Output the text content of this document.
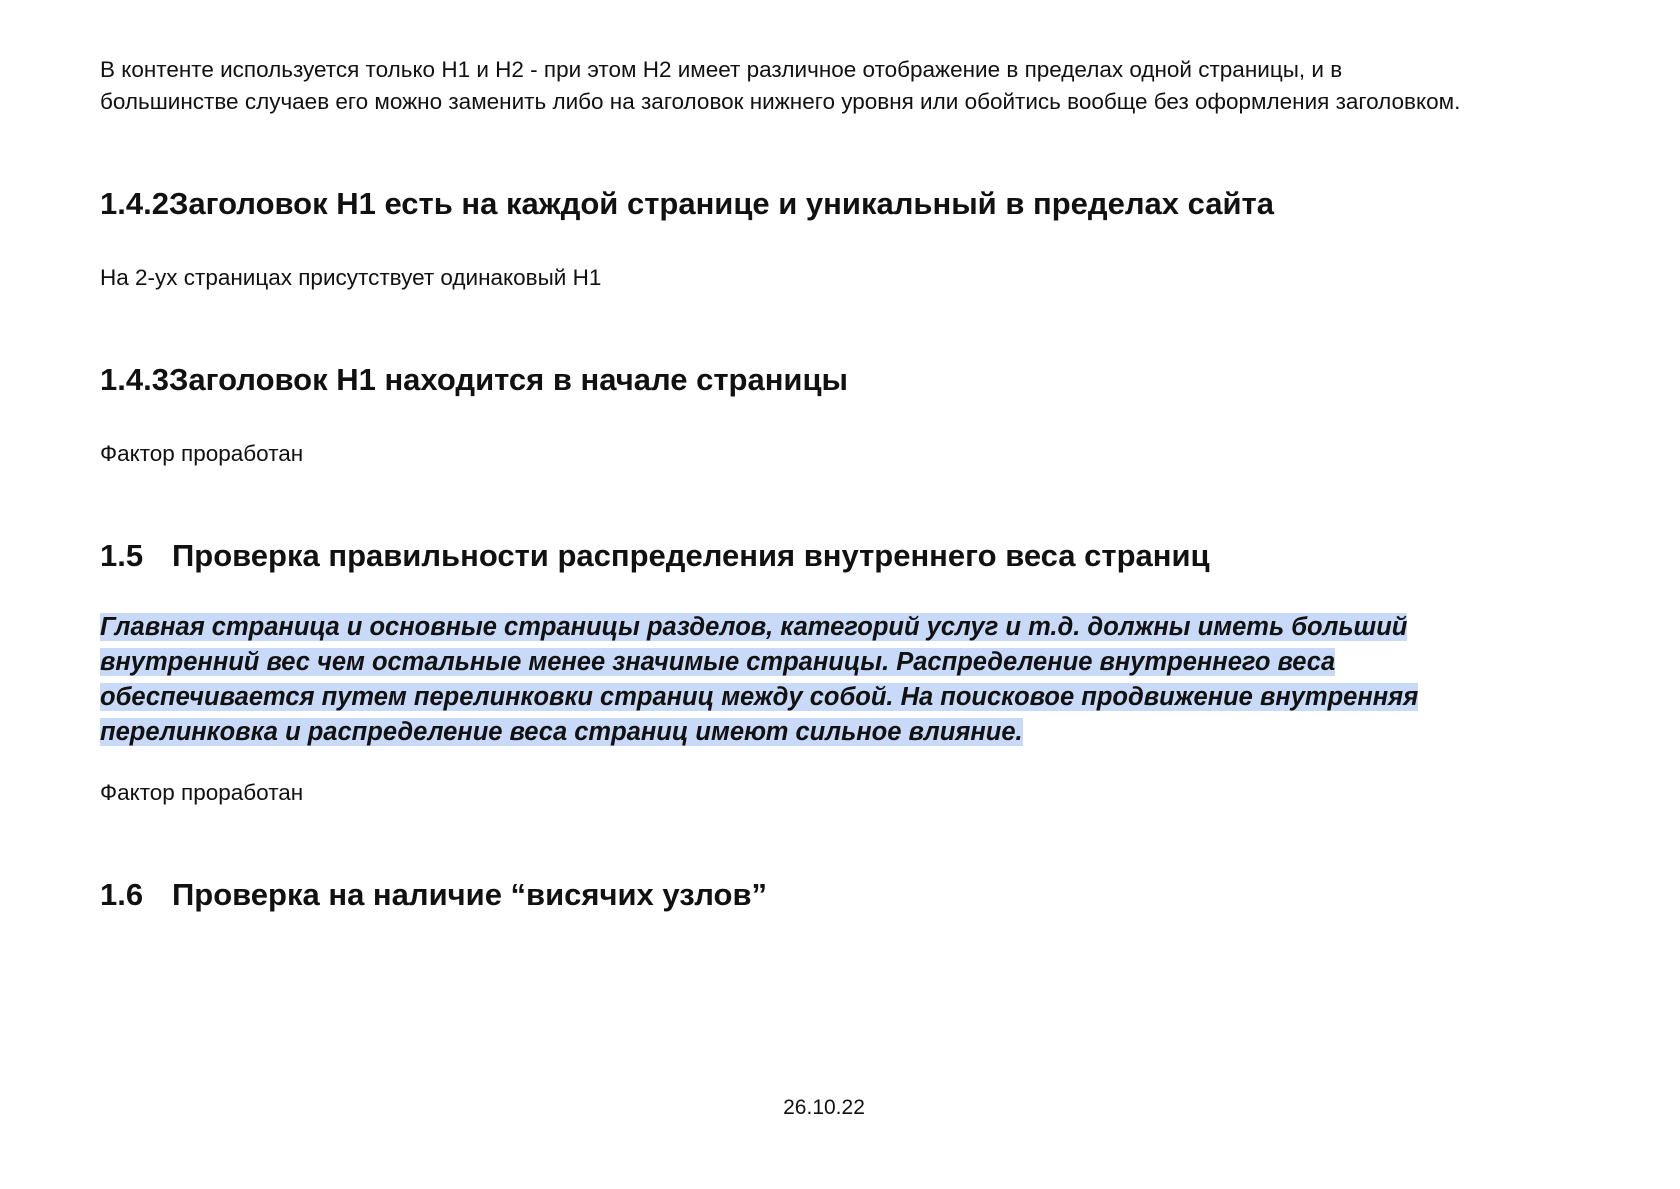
В контенте используется только H1 и H2 - при этом H2 имеет различное отображение в пределах одной страницы, и в большинстве случаев его можно заменить либо на заголовок нижнего уровня или обойтись вообще без оформления заголовком.

1.4.2Заголовок H1 есть на каждой странице и уникальный в пределах сайта

На 2-ух страницах присутствует одинаковый H1

1.4.3Заголовок H1 находится в начале страницы

Фактор проработан

1.5 Проверка правильности распределения внутреннего веса страниц

Главная страница и основные страницы разделов, категорий услуг и т.д. должны иметь больший внутренний вес чем остальные менее значимые страницы. Распределение внутреннего веса обеспечивается путем перелинковки страниц между собой. На поисковое продвижение внутренняя перелинковка и распределение веса страниц имеют сильное влияние.

Фактор проработан

1.6 Проверка на наличие “висячих узлов”
26.10.22
